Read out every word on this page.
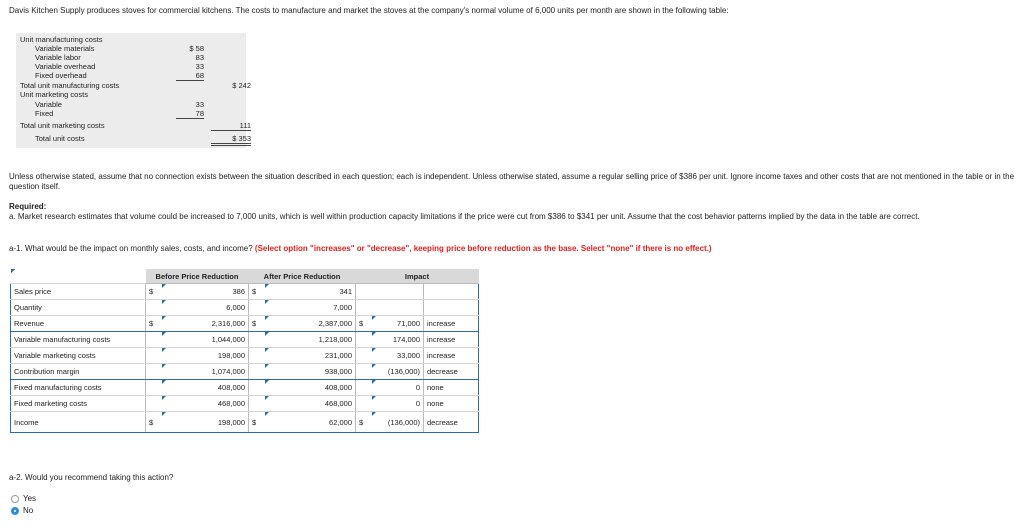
Davis Kitchen Supply produces stoves for commercial kitchens. The costs to manufacture and market the stoves at the company's normal volume of 6,000 units per month are shown in the following table:
Unit manufacturing costs
Variable materials	$ 58
Variable labor	83
Variable overhead	33
Fixed overhead	68
Total unit manufacturing costs	$ 242
Unit marketing costs
Variable	33
Fixed	78
Total unit marketing costs	111
Total unit costs	$ 353

Unless otherwise stated, assume that no connection exists between the situation described in each question; each is independent. Unless otherwise stated, assume a regular selling price of $386 per unit. Ignore income taxes and other costs that are not mentioned in the table or in the question itself.

Required:

a. Market research estimates that volume could be increased to 7,000 units, which is well within production capacity limitations if the price were cut from $386 to $341 per unit. Assume that the cost behavior patterns implied by the data in the table are correct.

a-1. What would be the impact on monthly sales, costs, and income? (Select option "increases" or "decrease", keeping price before reduction as the base. Select "none" if there is no effect.)

	Before Price Reduction		After Price Reduction		Impact		
Sales price	$	386	$	341			
Quantity		6,000		7,000			
Revenue	$	2,316,000	$	2,387,000	$	71,000	increase
Variable manufacturing costs		1,044,000		1,218,000		174,000	increase
Variable marketing costs		198,000		231,000		33,000	increase
Contribution margin		1,074,000		938,000		(136,000)	decrease
Fixed manufacturing costs		408,000		408,000		0	none
Fixed marketing costs		468,000		468,000		0	none
Income	$	198,000	$	62,000	$	(136,000)	decrease
a-2. Would you recommend taking this action?
Yes
No
